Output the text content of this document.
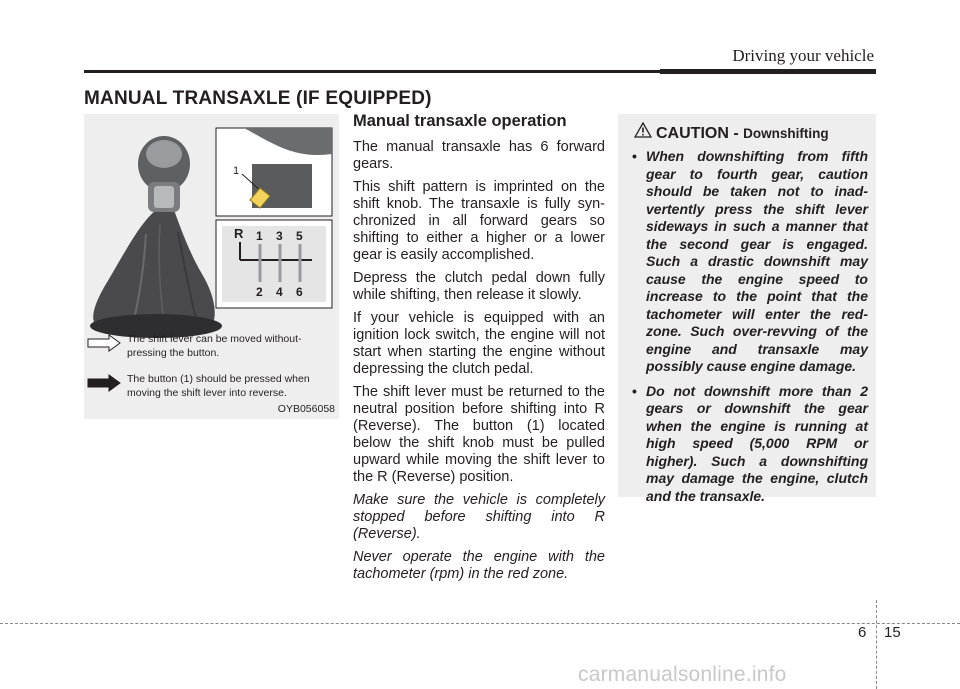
Driving your vehicle
MANUAL TRANSAXLE (IF EQUIPPED)
1
R 1 3 5
2 4 6
The shift lever can be moved without-pressing the button.
The button (1) should be pressed when moving the shift lever into reverse.
OYB056058
Manual transaxle operation

The manual transaxle has 6 forward gears.

This shift pattern is imprinted on the shift knob. The transaxle is fully syn-chronized in all forward gears so shifting to either a higher or a lower gear is easily accomplished.

Depress the clutch pedal down fully while shifting, then release it slowly.

If your vehicle is equipped with an ignition lock switch, the engine will not start when starting the engine without depressing the clutch pedal.

The shift lever must be returned to the neutral position before shifting into R (Reverse). The button (1) located below the shift knob must be pulled upward while moving the shift lever to the R (Reverse) position.

Make sure the vehicle is completely stopped before shifting into R (Reverse).

Never operate the engine with the tachometer (rpm) in the red zone.

CAUTION - Downshifting
• When downshifting from fifth gear to fourth gear, caution should be taken not to inad-vertently press the shift lever sideways in such a manner that the second gear is engaged. Such a drastic downshift may cause the engine speed to increase to the point that the tachometer will enter the red-zone. Such over-revving of the engine and transaxle may possibly cause engine damage.
• Do not downshift more than 2 gears or downshift the gear when the engine is running at high speed (5,000 RPM or higher). Such a downshifting may damage the engine, clutch and the transaxle.
6 15
carmanualsonline.info
